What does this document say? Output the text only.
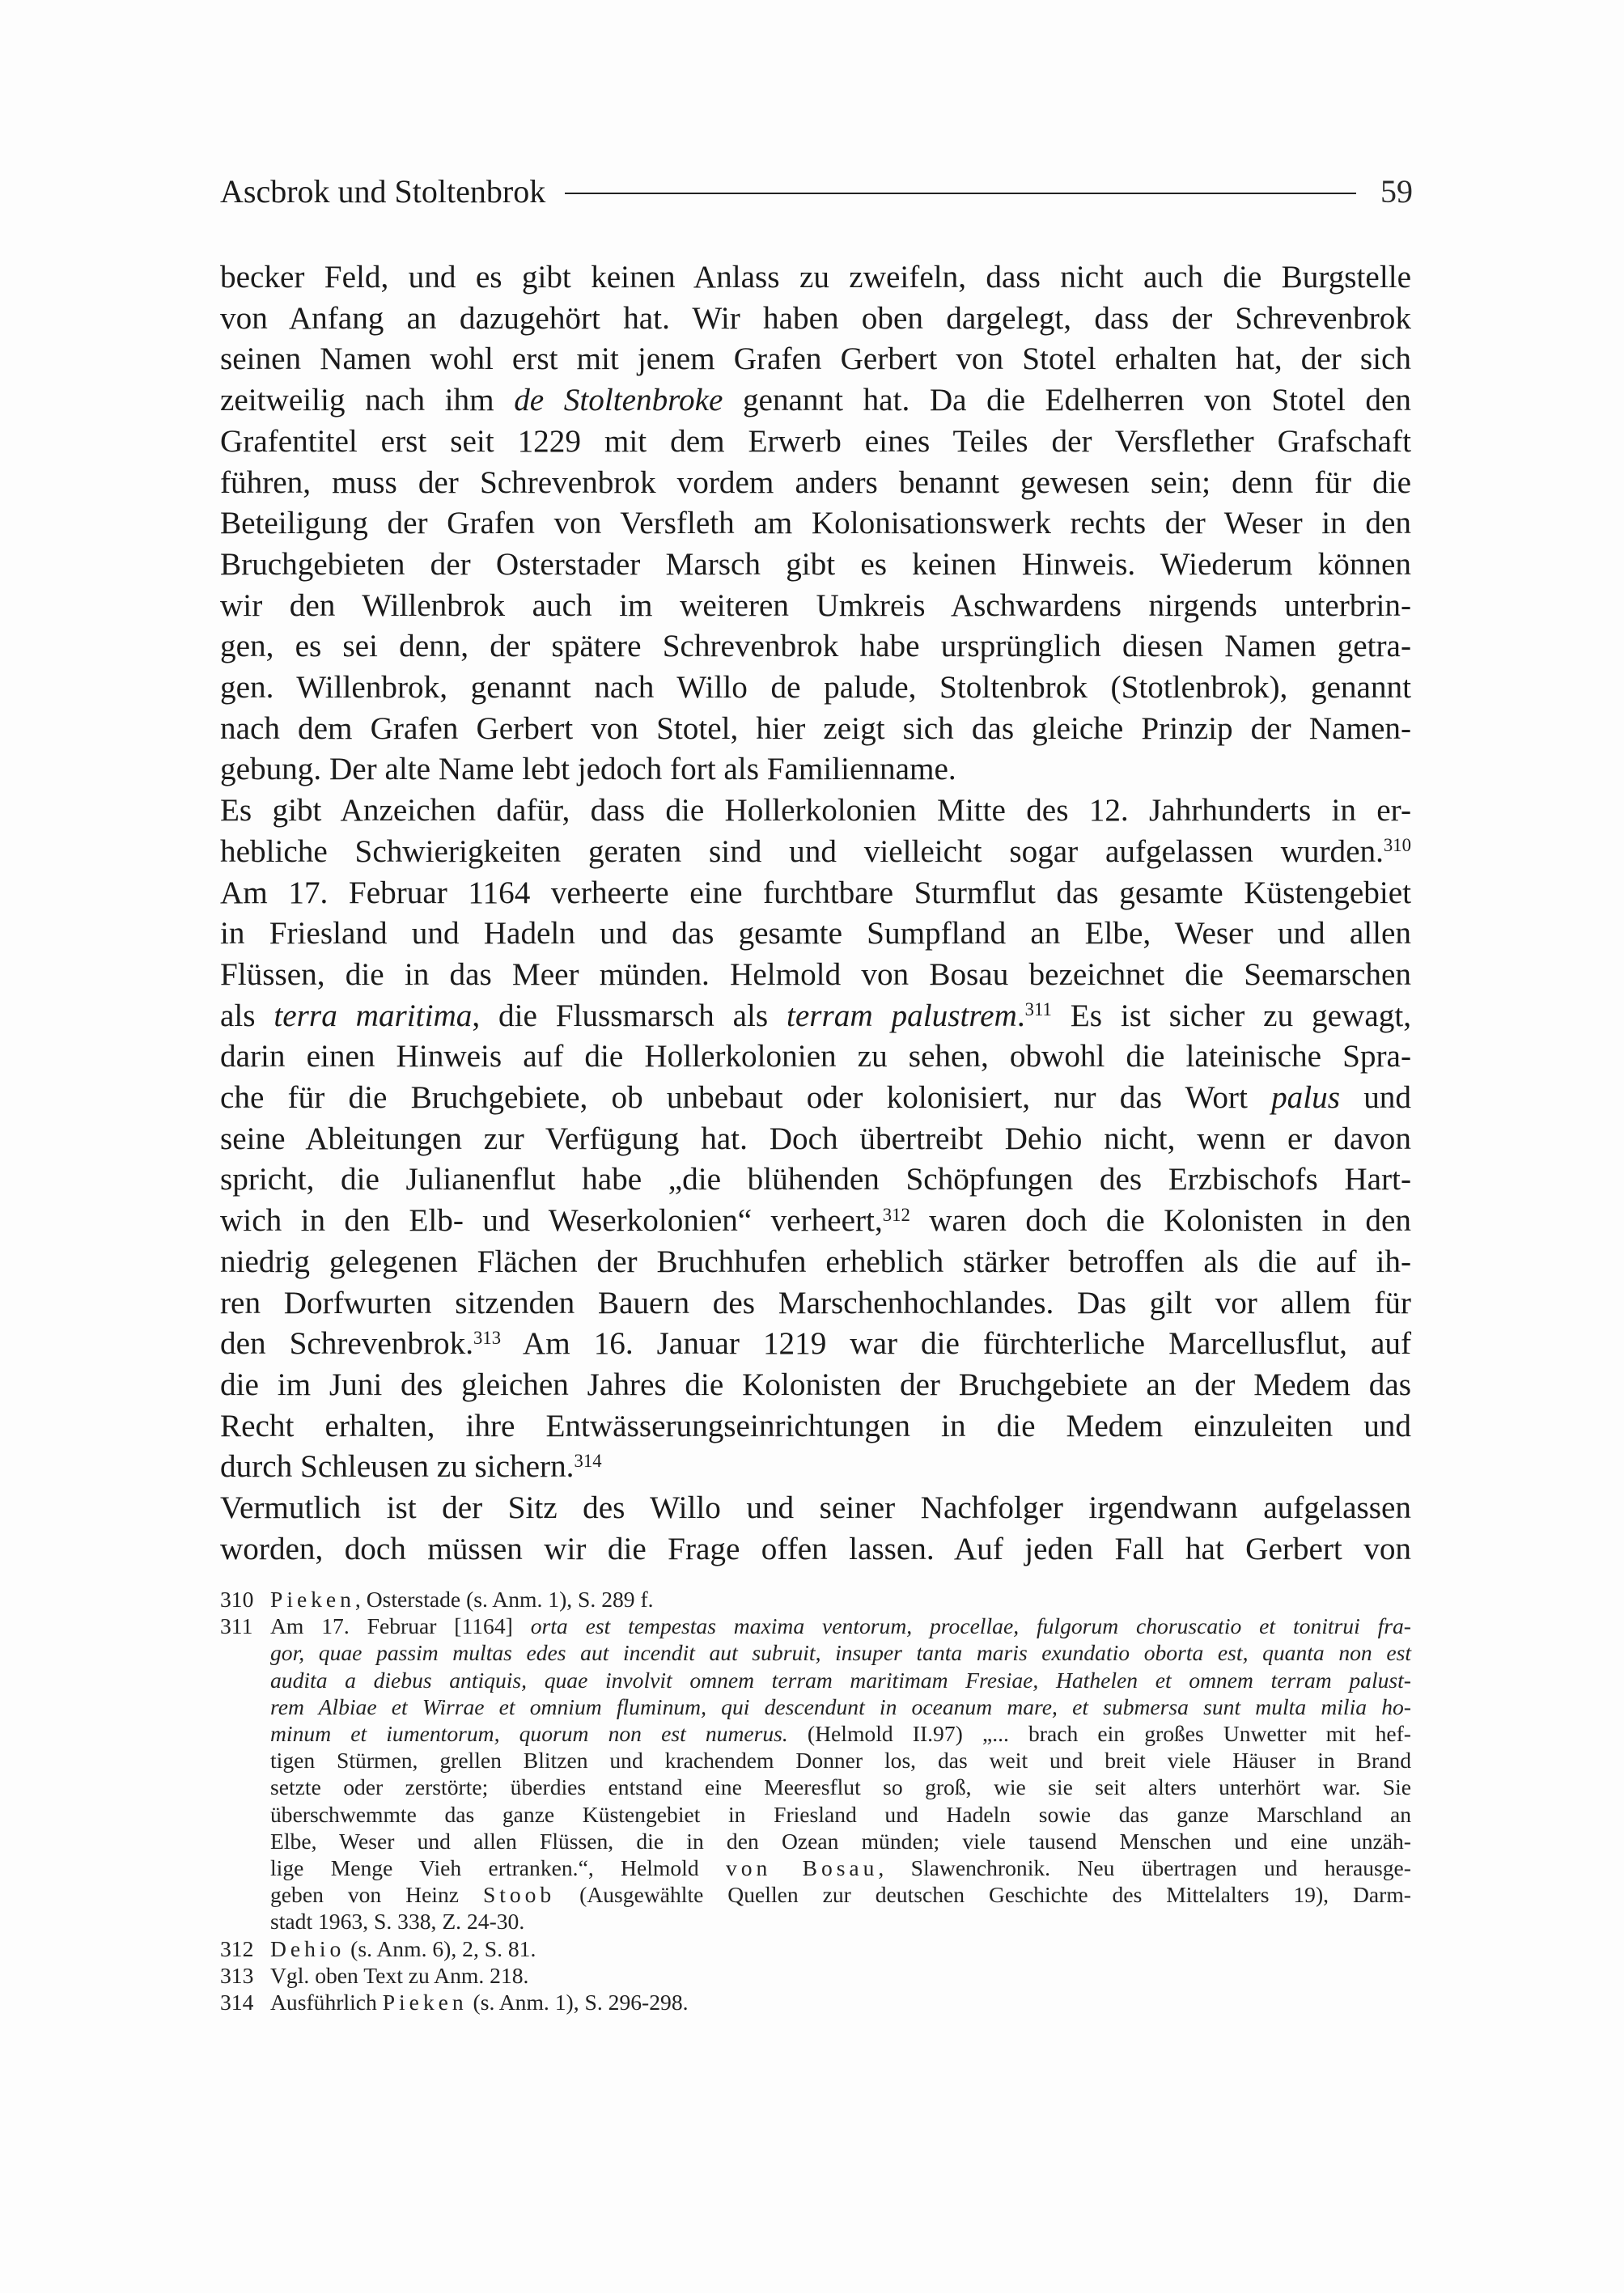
Ascbrok und Stoltenbrok	59

becker Feld, und es gibt keinen Anlass zu zweifeln, dass nicht auch die Burgstelle
von Anfang an dazugehört hat. Wir haben oben dargelegt, dass der Schrevenbrok
seinen Namen wohl erst mit jenem Grafen Gerbert von Stotel erhalten hat, der sich
zeitweilig nach ihm de Stoltenbroke genannt hat. Da die Edelherren von Stotel den
Grafentitel erst seit 1229 mit dem Erwerb eines Teiles der Versflether Grafschaft
führen, muss der Schrevenbrok vordem anders benannt gewesen sein; denn für die
Beteiligung der Grafen von Versfleth am Kolonisationswerk rechts der Weser in den
Bruchgebieten der Osterstader Marsch gibt es keinen Hinweis. Wiederum können
wir den Willenbrok auch im weiteren Umkreis Aschwardens nirgends unterbrin-
gen, es sei denn, der spätere Schrevenbrok habe ursprünglich diesen Namen getra-
gen. Willenbrok, genannt nach Willo de palude, Stoltenbrok (Stotlenbrok), genannt
nach dem Grafen Gerbert von Stotel, hier zeigt sich das gleiche Prinzip der Namen-
gebung. Der alte Name lebt jedoch fort als Familienname.

Es gibt Anzeichen dafür, dass die Hollerkolonien Mitte des 12. Jahrhunderts in er-
hebliche Schwierigkeiten geraten sind und vielleicht sogar aufgelassen wurden.$^{310}$
Am 17. Februar 1164 verheerte eine furchtbare Sturmflut das gesamte Küstengebiet
in Friesland und Hadeln und das gesamte Sumpfland an Elbe, Weser und allen
Flüssen, die in das Meer münden. Helmold von Bosau bezeichnet die Seemarschen
als terra maritima, die Flussmarsch als terram palustrem.$^{311}$ Es ist sicher zu gewagt,
darin einen Hinweis auf die Hollerkolonien zu sehen, obwohl die lateinische Spra-
che für die Bruchgebiete, ob unbebaut oder kolonisiert, nur das Wort palus und
seine Ableitungen zur Verfügung hat. Doch übertreibt Dehio nicht, wenn er davon
spricht, die Julianenflut habe „die blühenden Schöpfungen des Erzbischofs Hart-
wich in den Elb- und Weserkolonien“ verheert,$^{312}$ waren doch die Kolonisten in den
niedrig gelegenen Flächen der Bruchhufen erheblich stärker betroffen als die auf ih-
ren Dorfwurten sitzenden Bauern des Marschenhochlandes. Das gilt vor allem für
den Schrevenbrok.$^{313}$ Am 16. Januar 1219 war die fürchterliche Marcellusflut, auf
die im Juni des gleichen Jahres die Kolonisten der Bruchgebiete an der Medem das
Recht erhalten, ihre Entwässerungseinrichtungen in die Medem einzuleiten und
durch Schleusen zu sichern.$^{314}$

Vermutlich ist der Sitz des Willo und seiner Nachfolger irgendwann aufgelassen
worden, doch müssen wir die Frage offen lassen. Auf jeden Fall hat Gerbert von

310 Pieken, Osterstade (s. Anm. 1), S. 289 f.
311 Am 17. Februar [1164] orta est tempestas maxima ventorum, procellae, fulgorum choruscatio et tonitrui fra-
gor, quae passim multas edes aut incendit aut subruit, insuper tanta maris exundatio oborta est, quanta non est
audita a diebus antiquis, quae involvit omnem terram maritimam Fresiae, Hathelen et omnem terram palust-
rem Albiae et Wirrae et omnium fluminum, qui descendunt in oceanum mare, et submersa sunt multa milia ho-
minum et iumentorum, quorum non est numerus. (Helmold II.97) „... brach ein großes Unwetter mit hef-
tigen Stürmen, grellen Blitzen und krachendem Donner los, das weit und breit viele Häuser in Brand
setzte oder zerstörte; überdies entstand eine Meeresflut so groß, wie sie seit alters unterhört war. Sie
überschwemmte das ganze Küstengebiet in Friesland und Hadeln sowie das ganze Marschland an
Elbe, Weser und allen Flüssen, die in den Ozean münden; viele tausend Menschen und eine unzäh-
lige Menge Vieh ertranken.“, Helmold von Bosau, Slawenchronik. Neu übertragen und herausge-
geben von Heinz Stoob (Ausgewählte Quellen zur deutschen Geschichte des Mittelalters 19), Darm-
stadt 1963, S. 338, Z. 24-30.
312 Dehio (s. Anm. 6), 2, S. 81.
313 Vgl. oben Text zu Anm. 218.
314 Ausführlich Pieken (s. Anm. 1), S. 296-298.
